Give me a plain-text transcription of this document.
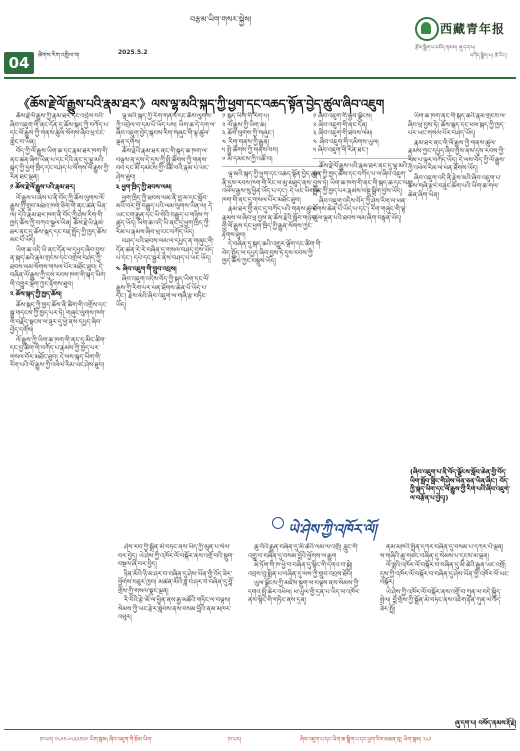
04	ཚིགས་རིག་འཁྱིལ་བ།	2025.5.2
བརྩམ་ཡིག་གསར་སྐྱེས།
西藏青年报
རྩོམ་སྒྲིག་པ་བསོད་ནམས། ཞུ་དག་པ།
བཀོད་སྒྲིག་པ། ཚེ་རིང་།
《ཆོས་རྗེ་ལོ་རྒྱུས་པའི་རྣམ་ཐར་》ལས་ལྷ་མའི་སྐད་ཀྱི་ཕྱག་དང་འཆད་སྟོན་བྱེད་ཚུལ་ཞིབ་འཇུག

ཆོས་རྗེ་ལོ་རྒྱུས་ཀྱི་རྣམ་ཐར་དང་འབྲེལ་བའི་ཞིབ་འཇུག་གི་ནང་དོན་དུ་ཆོས་སྐད་ཀྱི་བཀོད་པ་དང་ལོ་རྒྱུས་ཀྱི་གནས་ཚུལ་སོགས་ཞིབ་ཕྲ་ངང་གླེང་བ་ཡིན།

བོད་ཀྱི་ལོ་རྒྱུས་ཡིག་ཆ་དང་རྣམ་ཐར་ཁག་གི་ནང་ཚན་ཞིག་ཡིན་པ་དང་དེའི་ནང་དུ་ལྷ་མའི་སྐད་ཀྱི་ཕྱག་ཁྲིད་དང་བཤད་པ་སོགས་ལོ་རྒྱུས་ཀྱི་རིན་ཐང་ལྡན།

༡ ཆོས་རྗེ་ལོ་རྒྱུས་པའི་རྣམ་ཐར།

ལོ་རྒྱུས་པ་ཞེས་པ་ནི་བོད་ཀྱི་ཆོས་ལུགས་ལོ་རྒྱུས་ཀྱི་གྲུབ་མཐའ་ཁག་ཅིག་གི་ནང་ཚན་ཡིན་ལ། དེའི་རྣམ་ཐར་ཁག་ནི་བོད་ཀྱི་ཤེས་རིག་གི་ཁྱད་ཆོས་ཀྱི་བཀའ་སྩལ་ཡིན། ཆོས་རྗེ་ཡི་རྣམ་ཐར་ནང་དུ་ཆོས་སྐད་དང་བརྡ་སྤྲོད་ཀྱི་ཁྱད་ཆོས་མང་པོ་ཡོད།

ཡིག་ཆ་འདི་ཡི་ནང་དོན་ལ་དཔྱད་ཞིབ་བྱས་ན་སྐད་ཆའི་རྣམ་གྲངས་དང་འགྲེལ་བཤད་ཀྱི་ཐབས་ལམ་སོགས་གསལ་པོར་མཐོང་ཐུབ། དེ་བཞིན་ལོ་རྒྱུས་ཀྱི་དུས་རབས་ཁག་གི་སྐད་ཡིག་གི་འགྱུར་ལྡོག་ཀྱང་རྟོགས་ཐུབ།

༢ ཆོས་སྐད་ཀྱི་ཁྱད་ཆོས།

ཆོས་སྐད་ཀྱི་ཁྱད་ཆོས་ནི་ཚིག་གི་འགྲོས་དང་སྒྲ་གདངས་ཀྱི་ཁྱད་པར་ཏེ། གཞུང་ལུགས་ཁག་གི་བརྗོད་སྟངས་ལ་ཟུར་དུ་ཕྱེ་ནས་དཔྱད་ཞིབ་བྱེད་དགོས།

ལོ་རྒྱུས་ཀྱི་ཡིག་ཆ་ཁག་གི་ནང་དུ་མིང་ཚིག་དང་བྱ་ཚིག་གི་བཀོད་པ་རྣམས་ཀྱི་ཁྱད་པར་གསལ་བོར་མཐོང་ཐུབ། དེ་ལས་སྐད་ཡིག་གི་རིག་པའི་ལོ་རྒྱུས་ཀྱི་འཕེལ་རིམ་ཡང་ཤེས་ཐུབ།

ལྷ་མའི་སྐད་ཀྱི་རིག་གནས་དང་ཆོས་ལུགས་ཀྱི་འབྲེལ་བ་དམ་པོ་ཡོད་པས། ཡིག་ཆ་དེ་དག་ལ་ཞིབ་འཇུག་བྱེད་སྐབས་རིག་གཞུང་གི་ལྟ་ཚུལ་ལྡན་དགོས།

ཆོས་རྗེའི་རྣམ་ཐར་ནང་གི་སྐད་ཆ་ཁག་ལ་བལྟས་ན་དུས་དེ་དུས་ཀྱི་སྤྱི་ཚོགས་ཀྱི་གནས་བབ་དང་མི་དམངས་ཀྱི་འཚོ་བའི་རྣམ་པ་ཡང་ཤེས་ཐུབ།

༣ ཕྱག་ཁྲིད་ཀྱི་ཐབས་ལམ།

ཕྱག་ཁྲིད་ཀྱི་ཐབས་ལམ་ནི་བླ་མ་དང་སློབ་མའི་བར་གྱི་བརྒྱུད་པའི་ལམ་ལུགས་ཡིན་ལ། དེ་ཡང་ངག་རྒྱུན་དང་ཡི་གེའི་བརྒྱུད་པ་གཉིས་ཀ་ཚུད་ཡོད། ཡིག་ཆ་འདི་ཡི་ནང་དུ་ཕྱག་ཁྲིད་ཀྱི་རིམ་པ་རྣམས་ཞིབ་ཕྲ་ངང་བཀོད་ཡོད།

བཤད་པའི་ཐབས་ལམ་ལ་དཔྱད་ན་གཞུང་གི་དོན་ཚན་རེ་རེ་བཞིན་དུ་གསལ་བཤད་བྱས་ཡོད་པ་དང་། དཔེ་དང་སྦྱར་ནས་བཤད་པ་ཡང་ཡོད།

༤ ཞིབ་འཇུག་གི་གྲུབ་འབྲས།

ཞིབ་འཇུག་འདིས་བོད་ཀྱི་སྐད་ཡིག་དང་ལོ་རྒྱུས་ཀྱི་རིག་པར་ཕན་ཐོགས་ཆེན་པོ་ཡོད་པ་དང་། རྗེས་མའི་ཞིབ་འཇུག་ལ་གཞི་རྩ་བཏིང་ཡོད།

༡ སྐད་ཡིག་གི་རིག་པ།
༢ ལོ་རྒྱུས་ཀྱི་ཡིག་ཆ།
༣ ཆོས་ལུགས་ཀྱི་གཞུང་།
༤ རིག་གནས་ཀྱི་རྒྱུན།
༥ སྤྱི་ཚོགས་ཀྱི་གནས་བབ།
༦ མི་དམངས་ཀྱི་འཚོ་བ།

ལྷ་མའི་སྐད་ཀྱི་ཕྱག་དང་འཆད་སྟོན་བྱེད་ཚུལ་ནི་དུས་རབས་ཁག་གི་རིང་ལ་མུ་མཐུད་ནས་འཕེལ་རྒྱས་སུ་ཕྱིན་ཡོད་པ་དང་། དེ་ཡང་ཡིག་ཆ་ཁག་གི་ནང་དུ་གསལ་པོར་མཐོང་ཐུབ།

རྣམ་ཐར་གྱི་ནང་དུ་བཀོད་པའི་གནས་ཚུལ་རྣམས་ལ་ཞིབ་ཕྲ་བྱས་ན་ཆོས་རྗེའི་སློབ་གཉེར་གྱི་ལོ་རྒྱུས་དང་ཕྱག་ཁྲིད་ཀྱི་རྒྱུན་སོགས་ཀྱང་རྟོགས་ཐུབ།

དེ་བཞིན་དུ་སྐད་ཆའི་འགྱུར་ལྡོག་དང་ཚིག་གི་བེད་སྤྱོད་ལ་དཔྱད་ཞིབ་བྱས་ཏེ་དུས་རབས་ཀྱི་ཁྱད་ཆོས་ཀྱང་བསྡུས་ཡོད།

༡ ཞིབ་འཇུག་གི་རྒྱབ་ལྗོངས།
༢ ཞིབ་འཇུག་གི་ནང་དོན།
༣ ཞིབ་འཇུག་གི་ཐབས་ལམ།
༤ ཞིབ་འཇུག་གི་དམིགས་ཡུལ།
༥ ཞིབ་འཇུག་གི་རིན་ཐང་།

ཆོས་རྗེ་ལོ་རྒྱུས་པའི་རྣམ་ཐར་ནང་དུ་ལྷ་མའི་སྐད་ཀྱི་ཁྱད་ཆོས་དང་བཀོད་པ་ལ་ཞིབ་འཇུག་བྱས་ཏེ། ཡིག་ཆ་ཁག་གི་ནང་གི་སྐད་ཆ་དང་བརྡ་སྤྲོད་ཀྱི་ཁྱད་པར་རྣམས་བསྡུ་སྒྲིག་བྱས་ཡོད།

ཞིབ་འཇུག་འདིས་བོད་ཀྱི་ཤེས་རིག་ལ་ཕན་ཐོགས་ཆེན་པོ་ཡོད་པ་དང་། རིག་གཞུང་གི་ལྟ་ཚུལ་ལྡན་པའི་ཐབས་ལམ་ཞིག་བསྟན་ཡོད།

ཡིག་ཆ་ཁག་ནང་གི་སྐད་ཆའི་རྣམ་གྲངས་ལ་ཞིབ་ཕྲ་བྱས་ཏེ། ཆོས་སྐད་དང་ཕལ་སྐད་ཀྱི་ཁྱད་པར་ཡང་གསལ་པོར་བཤད་ཡོད།

རྣམ་ཐར་ནང་གི་ལོ་རྒྱུས་ཀྱི་གནས་ཚུལ་རྣམས་ཀྱང་དཔྱད་ཞིབ་བྱས་ནས་དུས་རབས་ཀྱི་རིམ་པ་ལྟར་བཀོད་ཡོད། དེ་ལས་བོད་ཀྱི་ལོ་རྒྱུས་ཀྱི་འཕེལ་རིམ་ལ་ཕན་ཐོགས་ཡོད།

ཞིབ་འཇུག་འདི་ནི་རྗེས་མའི་ཞིབ་འཇུག་པ་ཚོས་གཞི་རྩར་བཟུང་ཆོག་པའི་ཡིག་ཆ་གལ་ཆེན་ཞིག་ཡིན།

(ཞིབ་འཇུག་པ་ནི་བོད་ལྗོངས་སློབ་ཆེན་གྱི་བོད་ཡིག་སློབ་གླིང་གི་ཤེས་ཡོན་ཅན་ཡིན་ཞིང་། བོད་ཀྱི་སྐད་ཡིག་དང་ལོ་རྒྱུས་ཀྱི་རིག་པའི་ཞིབ་འཇུག་ལ་བརྩོན་པ་བྱེད།)
ཡེ་ཤེས་ཀྱི་འཁོར་ལོ།

ཤེས་རབ་ཀྱི་སྒྲོན་མེ་བཏང་ནས་ཡིད་ཀྱི་མུན་པ་སེལ་བར་བྱེད། ཡེ་ཤེས་ཀྱི་འཁོར་ལོ་བསྐོར་ནས་འགྲོ་བའི་སྡུག་བསྔལ་ཞི་བར་བྱེད།

ཉིན་མོའི་ཉི་མ་ཤར་བ་བཞིན་དུ་ཤེས་ཡོན་གྱི་འོད་ཟེར་ཕྱོགས་བཅུར་ཁྱབ། མཚན་མོའི་ཟླ་བ་ཤར་བ་བཞིན་དུ་བློ་གྲོས་ཀྱི་གསལ་སྣང་ལྡན།

རི་བོའི་རྩེ་མོ་ལ་ཕྱིན་ནས་རྒྱ་མཚོའི་གཏིང་ལ་བལྟས། སེམས་ཀྱི་ཡང་རྩེར་སླེབས་ནས་བསམ་བློའི་ནམ་མཁར་འཕུར།

ཆུ་བོའི་རྒྱུན་བཞིན་དུ་མི་ཚེའི་ལམ་ལ་འགྲོ། རླུང་གི་འགྱུ་བ་བཞིན་དུ་བསམ་བློའི་ཕྱོགས་ལ་རྒྱུག

མེ་ཏོག་གི་ཁ་ཕྱེ་བ་བཞིན་དུ་སྙིང་གི་དགའ་བ་སྐྱེ། འབྲས་བུ་སྨིན་པ་བཞིན་དུ་ལས་ཀྱི་གྲུབ་འབྲས་ཐོབ།

ཡུལ་ལྗོངས་ཀྱི་མཛེས་སྡུག་ལ་བལྟས་ནས་སེམས་ཀྱི་དགའ་སྤྲོ་ཆེར་འཕེལ། ཕ་ཡུལ་གྱི་དྲན་པ་ཡིད་ལ་འཁོར་ནས་སྙིང་གི་གཏིང་ནས་དྲན།

ནམ་མཁའི་སྤྲིན་དཀར་བཞིན་དུ་བསམ་པ་དཀར་པོ་ལྡན། ས་གཞིའི་ཆུ་གཙང་བཞིན་དུ་སེམས་པ་དྭངས་མ་ལྡན།

ལོ་ཟླའི་འཁོར་ལོ་བསྐོར་བ་བཞིན་དུ་མི་ཚེའི་རྒྱུན་ཡང་འགྲོ། དུས་ཀྱི་འཁོར་ལོ་བསྐོར་བ་བཞིན་དུ་ཤེས་ཡོན་གྱི་འཁོར་ལོ་ཡང་བསྐོར།

ཡེ་ཤེས་ཀྱི་འཁོར་ལོ་བསྐོར་ནས་འགྲོ་བ་ཀུན་ལ་བདེ་སྐྱིད་སྤེལ། བློ་གྲོས་ཀྱི་སྒྲོན་མེ་བཏང་ནས་འཇིག་རྟེན་ཀུན་ལ་འོད་ཟེར་སྤྲོ།

ཞུ་དག་པ། བསོད་ནམས་རྡོ་རྗེ།
ཁ་པར། ༠༨༩༡-༦༨༣༢༡༢༠ ཡིག་སྒམ། ཞིབ་འཇུག་གི་རྩོམ་ཡིག་	ཁ་པར།	ཞིབ་འཇུག་པ་དང་ཡིག་ཆ་སྒྲིག་པ་དང་ཕྱག་རིས་མཆན་བུ། ཡིག་སྒམ། ༢༨༩
